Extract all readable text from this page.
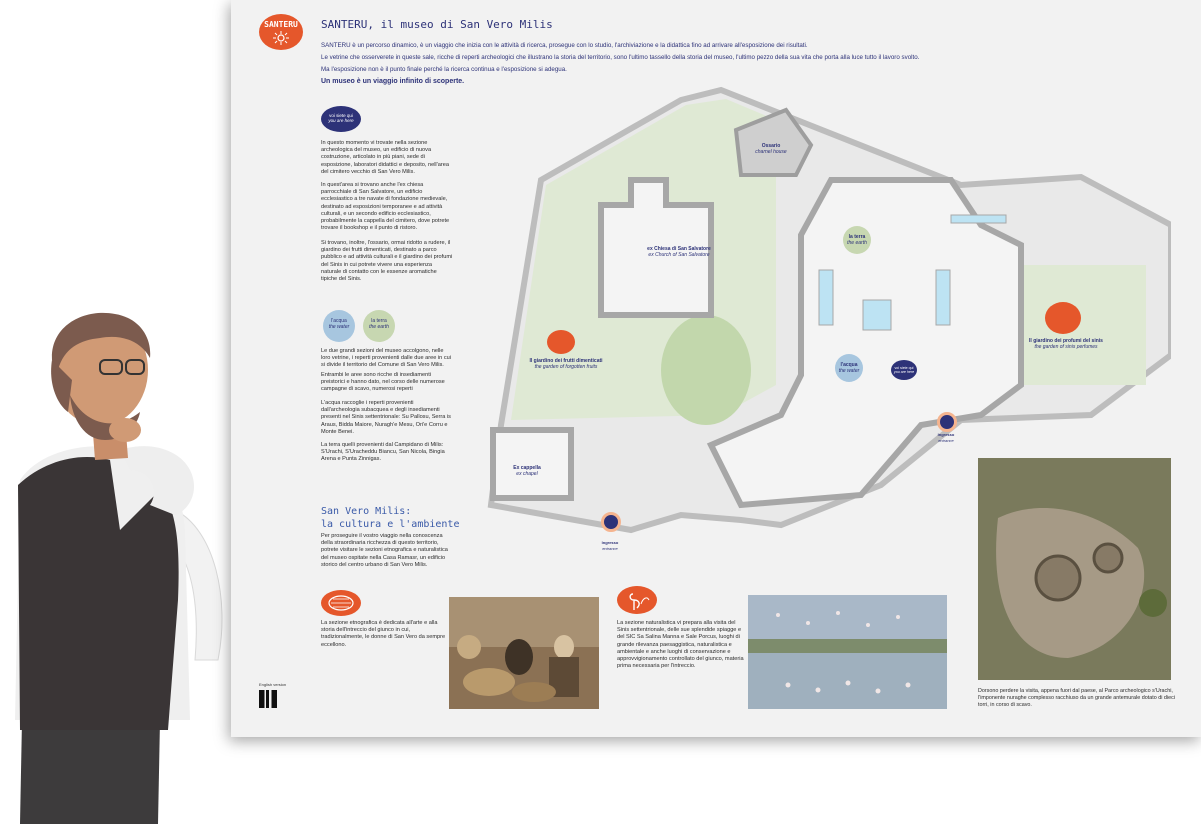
SANTERU	SANTERU, il museo di San Vero Milis
SANTERU è un percorso dinamico, è un viaggio che inizia con le attività di ricerca, prosegue con lo studio, l'archiviazione e la didattica fino ad arrivare all'esposizione dei risultati.
Le vetrine che osserverete in queste sale, ricche di reperti archeologici che illustrano la storia del territorio, sono l'ultimo tassello della storia del museo, l'ultimo pezzo della sua vita che porta alla luce tutto il lavoro svolto.
Ma l'esposizione non è il punto finale perché la ricerca continua e l'esposizione si adegua.
Un museo è un viaggio infinito di scoperte.
voi siete qui
you are here
In questo momento vi trovate nella sezione archeologica del museo, un edificio di nuova costruzione, articolato in più piani, sede di esposizione, laboratori didattici e deposito, nell'area del cimitero vecchio di San Vero Milis.
In quest'area si trovano anche l'ex chiesa parrocchiale di San Salvatore, un edificio ecclesiastico a tre navate di fondazione medievale, destinato ad esposizioni temporanee e ad attività culturali, e un secondo edificio ecclesiastico, probabilmente la cappella del cimitero, dove potrete trovare il bookshop e il punto di ristoro.
Si trovano, inoltre, l'ossario, ormai ridotto a rudere, il giardino dei frutti dimenticati, destinato a parco pubblico e ad attività culturali e il giardino dei profumi del Sinis in cui potrete vivere una esperienza naturale di contatto con le essenze aromatiche tipiche del Sinis.
l'acqua
the water
la terra
the earth
Le due grandi sezioni del museo accolgono, nelle loro vetrine, i reperti provenienti dalle due aree in cui si divide il territorio del Comune di San Vero Milis.
Entrambi le aree sono ricche di insediamenti preistorici e hanno dato, nel corso delle numerose campagne di scavo, numerosi reperti
L'acqua raccoglie i reperti provenienti dall'archeologia subacquea e degli insediamenti presenti nel Sinis settentrionale: Su Pallosu, Serra is Araus, Bidda Maiore, Nuragh'e Mesu, Ori'e Corru e Monte Benei.
La terra quelli provenienti dal Campidano di Milis: S'Urachi, S'Uracheddu Biancu, San Nicola, Bingia Arena e Punta Zinnigas.
San Vero Milis:
la cultura e l'ambiente
Per proseguire il vostro viaggio nella conoscenza della straordinaria ricchezza di questo territorio, potrete visitare le sezioni etnografica e naturalistica del museo ospitate nella Casa Ramasr, un edificio storico del centro urbano di San Vero Milis.
La sezione etnografica è dedicata all'arte e alla storia dell'intreccio del giunco in cui, tradizionalmente, le donne di San Vero da sempre eccellono.
English version
La sezione naturalistica vi prepara alla visita del Sinis settentrionale, delle sue splendide spiagge e del SIC Sa Salina Manna e Sale Porcus, luoghi di grande rilevanza paesaggistica, naturalistica e ambientale e anche luoghi di conservazione e approvvigionamento controllato del giunco, materia prima necessaria per l'intreccio.
Dorsono perdere la visita, appena fuori dal paese, al Parco archeologico s'Urachi, l'imponente nuraghe complesso racchiuso da un grande antemurale dotato di dieci torri, in corso di scavo.
Ossario
charnel house
ex Chiesa di San Salvatore
ex Church of San Salvatore
Il giardino dei frutti dimenticati
the garden of forgotten fruits
Il giardino dei profumi del sinis
the garden of sinis perfumes
Ex cappella
ex chapel
la terra
the earth
l'acqua
the water	voi siete qui
you are here
Ingresso
entrance
Ingresso
entrance
